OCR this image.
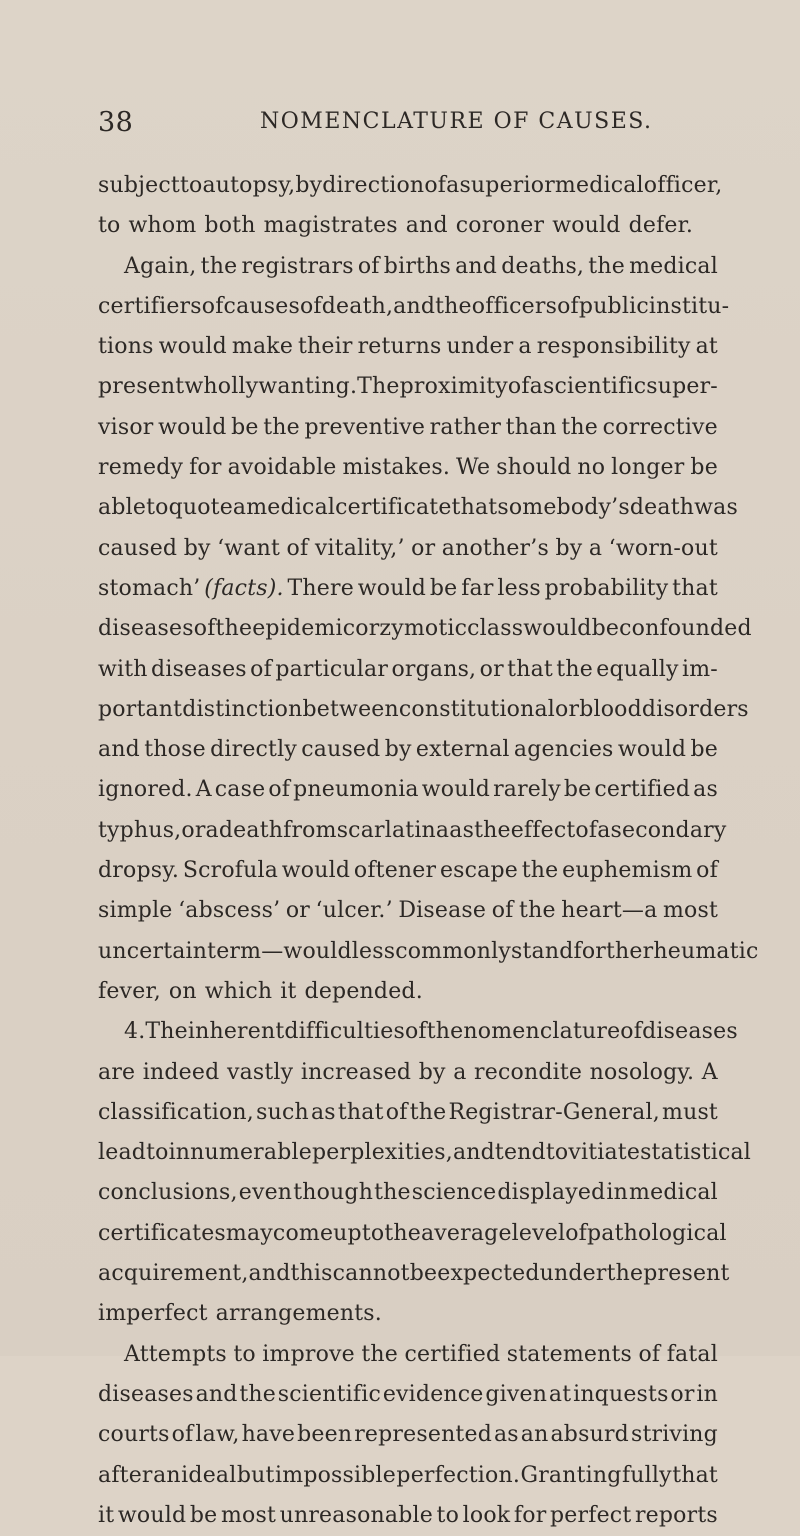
38	NOMENCLATURE OF CAUSES.
subject to autopsy, by direction of a superior medical officer,
to whom both magistrates and coroner would defer.
Again, the registrars of births and deaths, the medical
certifiers of causes of death, and the officers of public institu-
tions would make their returns under a responsibility at
present wholly wanting. The proximity of a scientific super-
visor would be the preventive rather than the corrective
remedy for avoidable mistakes. We should no longer be
able to quote a medical certificate that somebody’s death was
caused by ‘want of vitality,’ or another’s by a ‘worn-out
stomach’ (facts). There would be far less probability that
diseases of the epidemic or zymotic class would be confounded
with diseases of particular organs, or that the equally im-
portant distinction between constitutional or blood disorders
and those directly caused by external agencies would be
ignored. A case of pneumonia would rarely be certified as
typhus, or a death from scarlatina as the effect of a secondary
dropsy. Scrofula would oftener escape the euphemism of
simple ‘abscess’ or ‘ulcer.’ Disease of the heart—a most
uncertain term—would less commonly stand for the rheumatic
fever, on which it depended.
4. The inherent difficulties of the nomenclature of diseases
are indeed vastly increased by a recondite nosology. A
classification, such as that of the Registrar-General, must
lead to innumerable perplexities, and tend to vitiate statistical
conclusions, even though the science displayed in medical
certificates may come up to the average level of pathological
acquirement, and this cannot be expected under the present
imperfect arrangements.
Attempts to improve the certified statements of fatal
diseases and the scientific evidence given at inquests or in
courts of law, have been represented as an absurd striving
after an ideal but impossible perfection. Granting fully that
it would be most unreasonable to look for perfect reports
